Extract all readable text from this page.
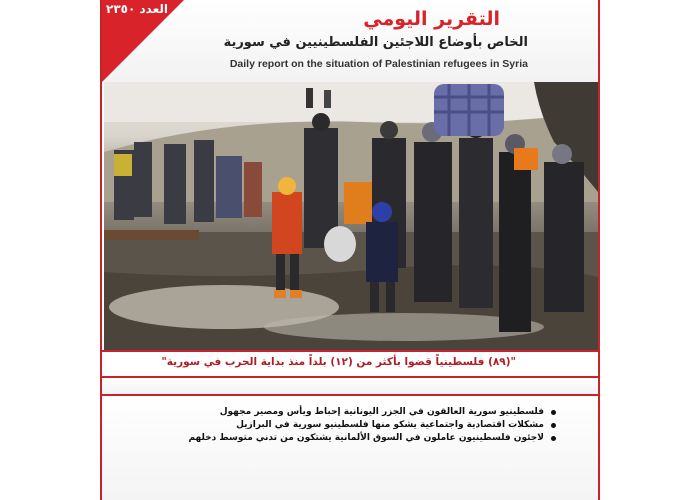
العدد ٢٣٥٠	التقرير اليومي
الخاص بأوضاع اللاجئين الفلسطينيين في سورية
Daily report on the situation of Palestinian refugees in Syria
"(٨٩) فلسطينياً قضوا بأكثر من (١٢) بلداً منذ بداية الحرب في سورية"
فلسطينيو سورية العالقون في الجزر اليونانية إحباط ويأس ومصير مجهول
مشكلات اقتصادية واجتماعية يشكو منها فلسطينيو سورية في البرازيل
لاجئون فلسطينيون عاملون في السوق الألمانية يشتكون من تدني متوسط دخلهم
